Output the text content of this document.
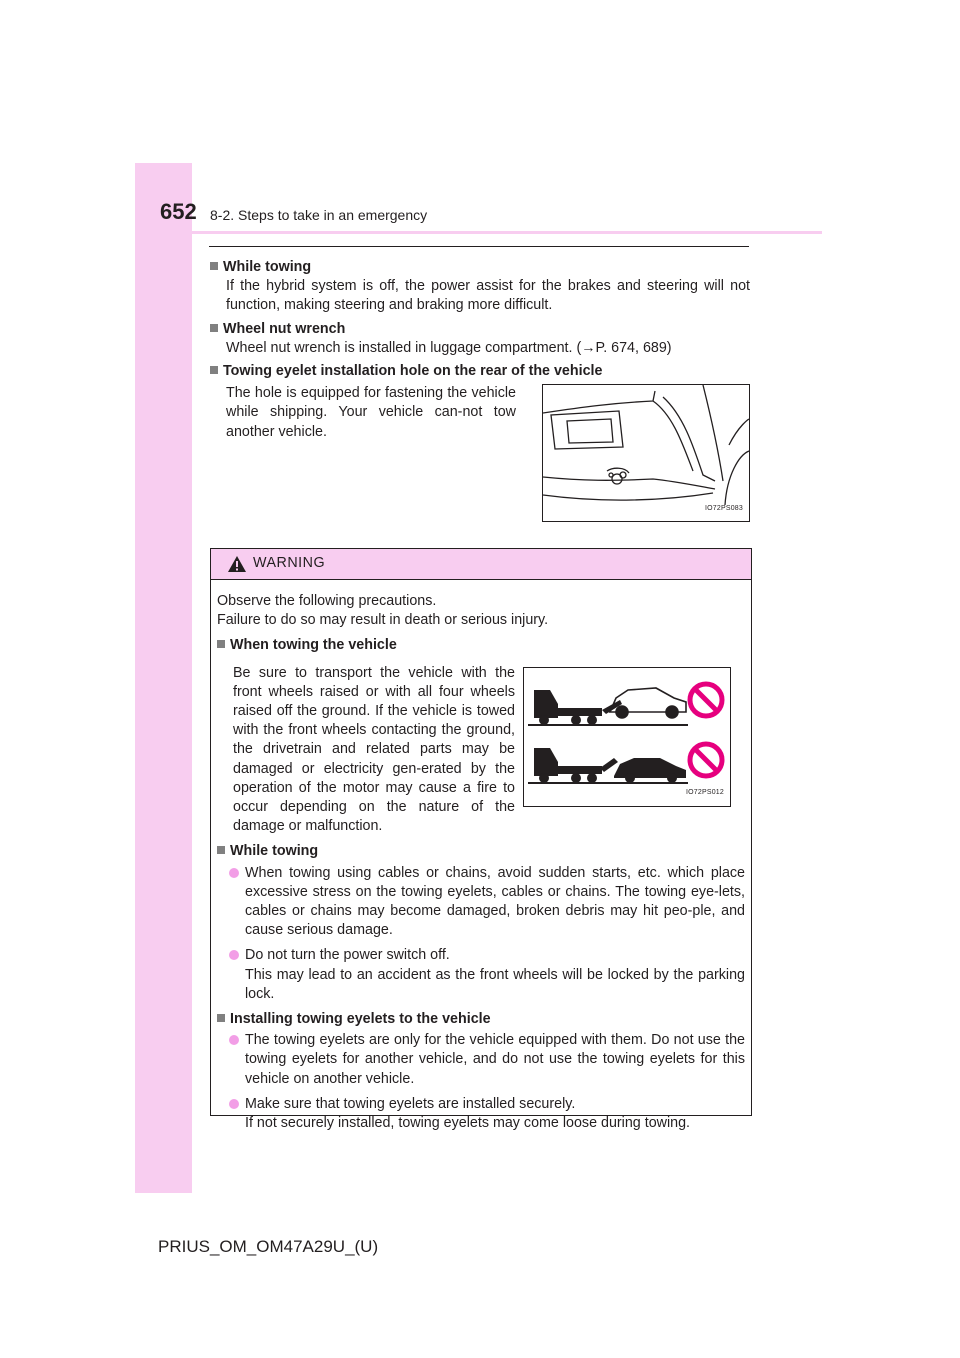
652 8-2. Steps to take in an emergency
While towing
If the hybrid system is off, the power assist for the brakes and steering will not function, making steering and braking more difficult.
Wheel nut wrench
Wheel nut wrench is installed in luggage compartment. (→P. 674, 689)
Towing eyelet installation hole on the rear of the vehicle
The hole is equipped for fastening the vehicle while shipping. Your vehicle can-not tow another vehicle.
IO72PS083
WARNING
Observe the following precautions.
Failure to do so may result in death or serious injury.
When towing the vehicle
Be sure to transport the vehicle with the front wheels raised or with all four wheels raised off the ground. If the vehicle is towed with the front wheels contacting the ground, the drivetrain and related parts may be damaged or electricity gen-erated by the operation of the motor may cause a fire to occur depending on the nature of the damage or malfunction.
IO72PS012
While towing
When towing using cables or chains, avoid sudden starts, etc. which place excessive stress on the towing eyelets, cables or chains. The towing eye-lets, cables or chains may become damaged, broken debris may hit peo-ple, and cause serious damage.
Do not turn the power switch off.
This may lead to an accident as the front wheels will be locked by the parking lock.
Installing towing eyelets to the vehicle
The towing eyelets are only for the vehicle equipped with them. Do not use the towing eyelets for another vehicle, and do not use the towing eyelets for this vehicle on another vehicle.
Make sure that towing eyelets are installed securely.
If not securely installed, towing eyelets may come loose during towing.
PRIUS_OM_OM47A29U_(U)
